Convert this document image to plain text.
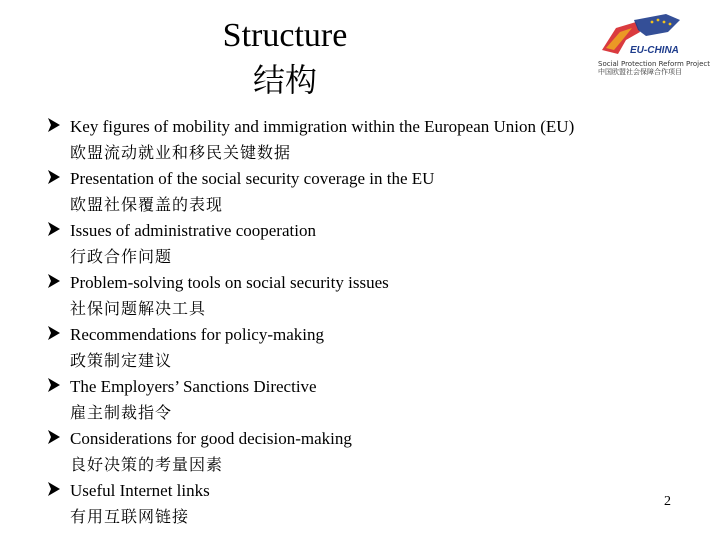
Structure
结构
EU-CHINA
Social Protection Reform Project
中国欧盟社会保障合作项目
Key figures of mobility and immigration within the European Union (EU)
欧盟流动就业和移民关键数据
Presentation of the social security coverage in the EU
欧盟社保覆盖的表现
Issues of administrative cooperation
行政合作问题
Problem-solving tools on social security issues
社保问题解决工具
Recommendations for policy-making
政策制定建议
The Employers’ Sanctions Directive
雇主制裁指令
Considerations for good decision-making
良好决策的考量因素
Useful Internet links
有用互联网链接
2
